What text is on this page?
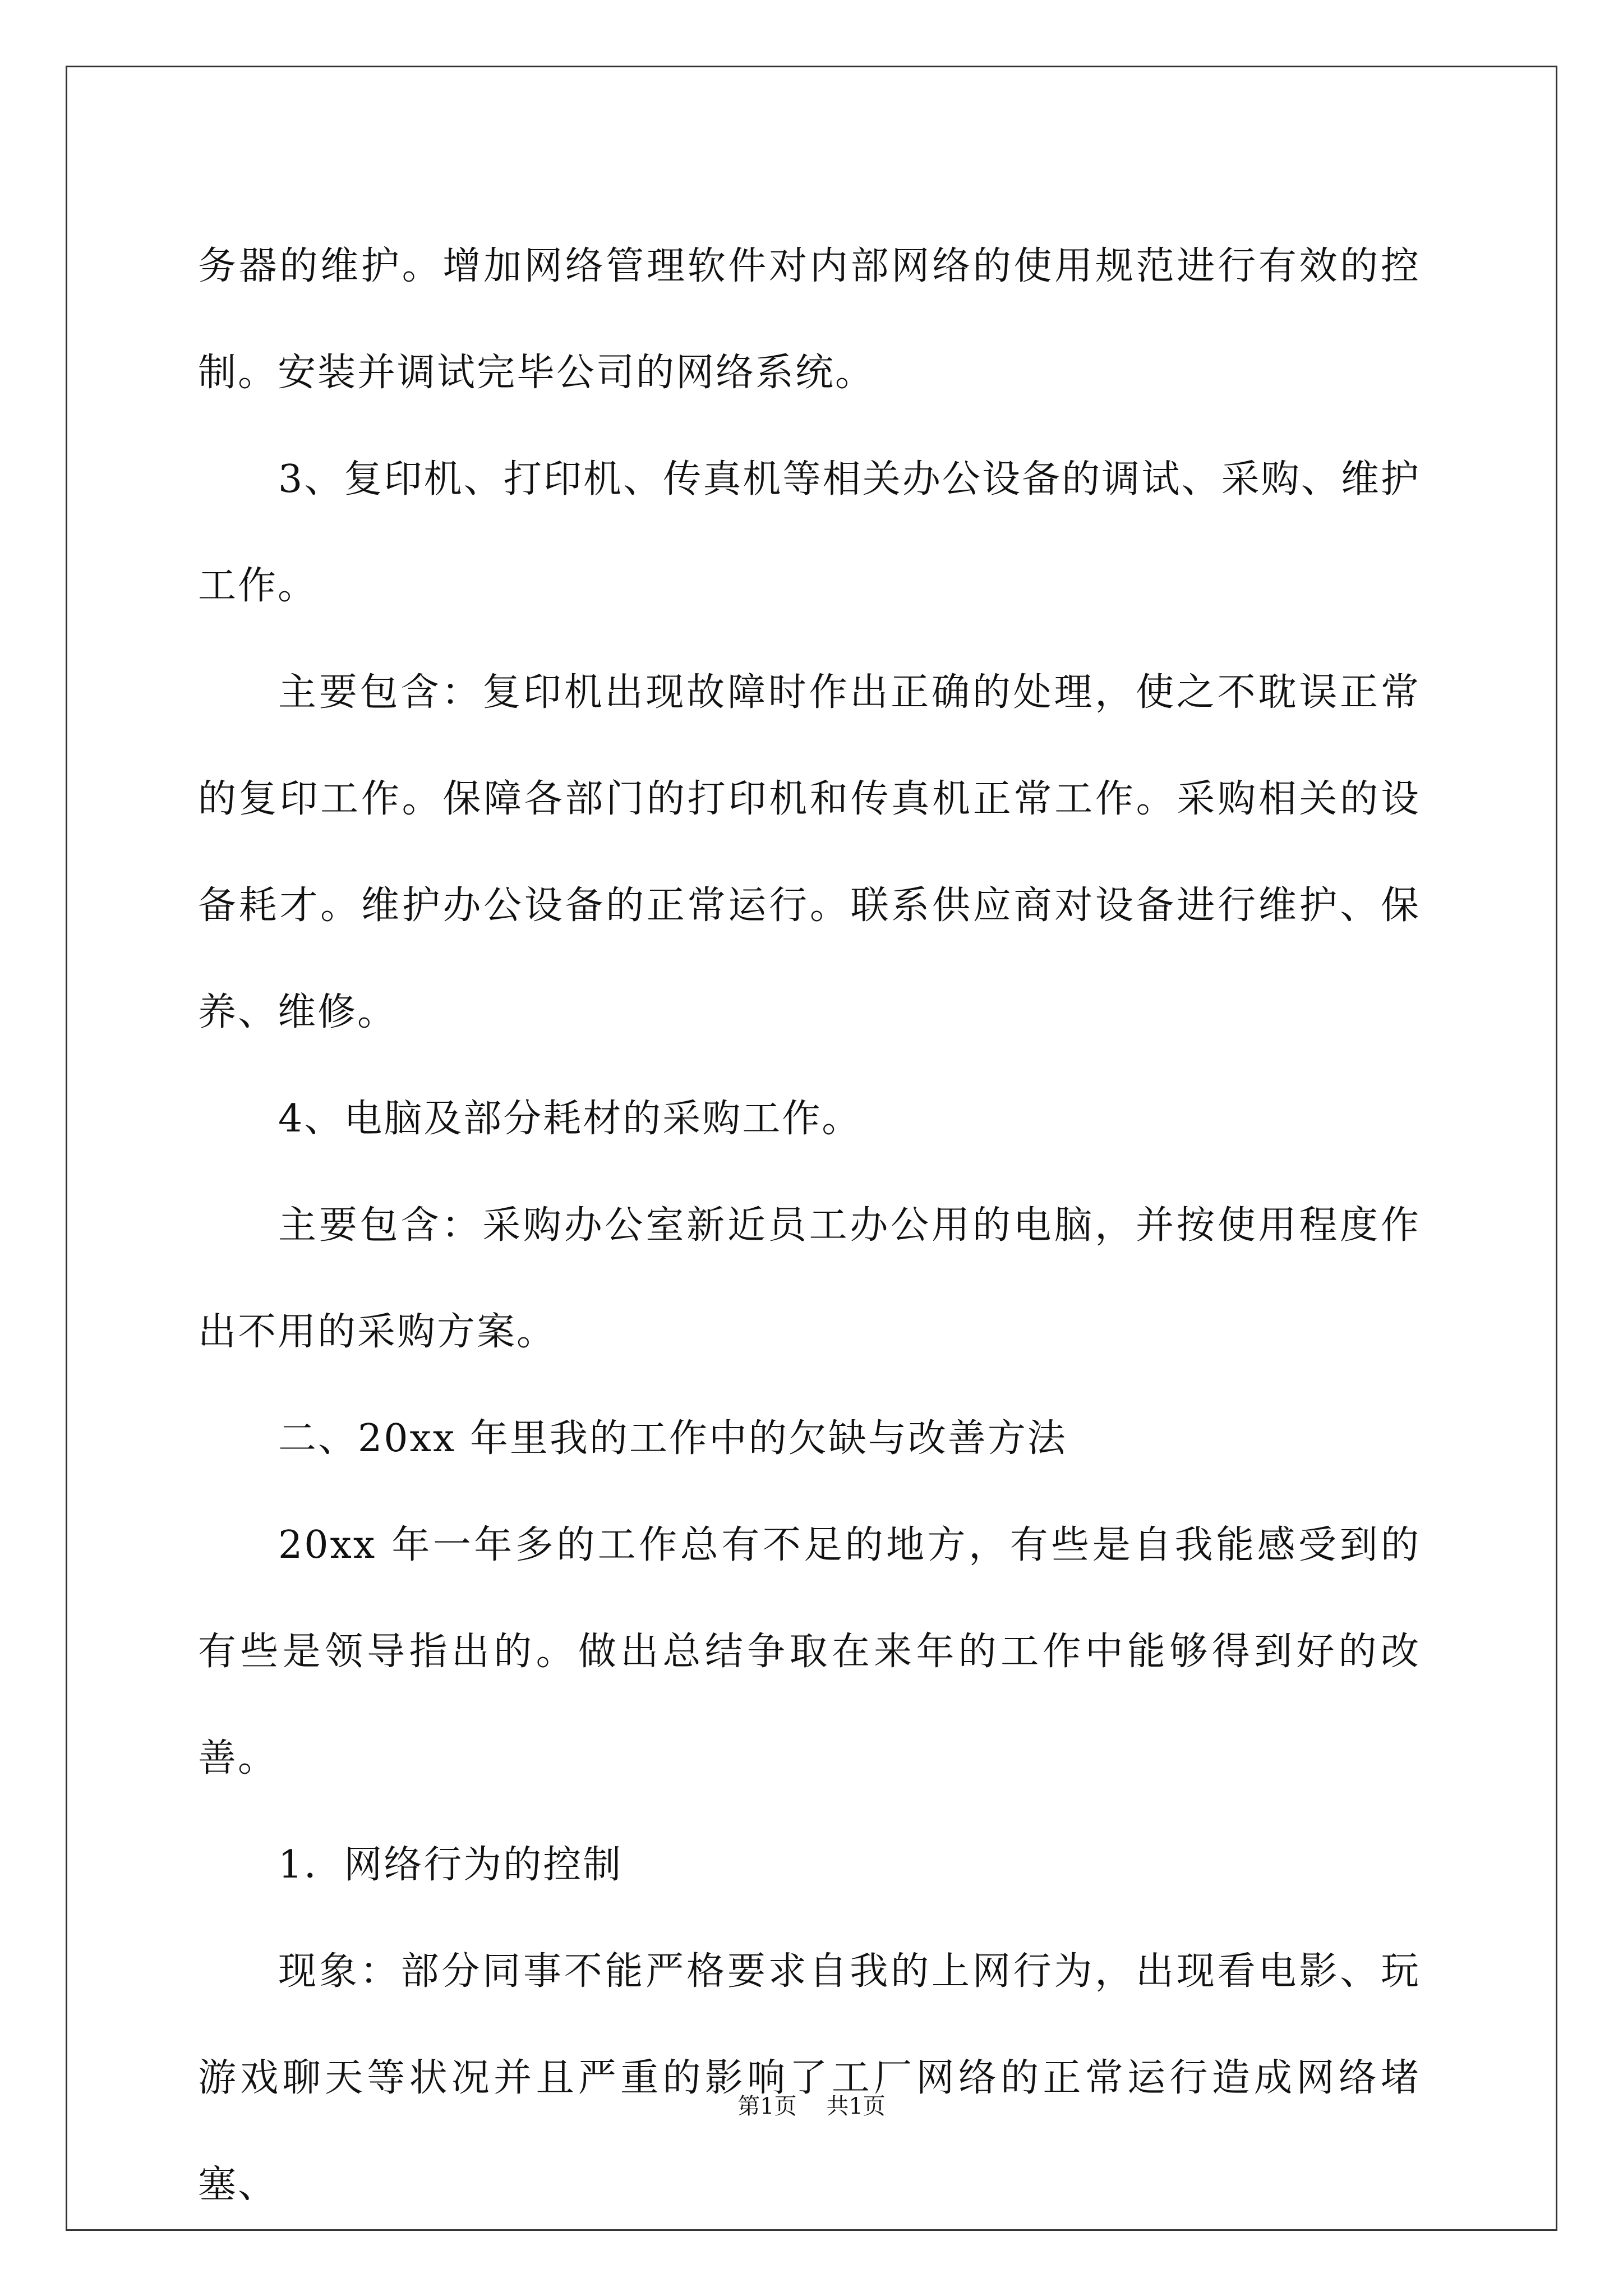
务器的维护。增加网络管理软件对内部网络的使用规范进行有效的控制。安装并调试完毕公司的网络系统。

3、复印机、打印机、传真机等相关办公设备的调试、采购、维护工作。

主要包含：复印机出现故障时作出正确的处理，使之不耽误正常的复印工作。保障各部门的打印机和传真机正常工作。采购相关的设备耗才。维护办公设备的正常运行。联系供应商对设备进行维护、保养、维修。

4、电脑及部分耗材的采购工作。

主要包含：采购办公室新近员工办公用的电脑，并按使用程度作出不用的采购方案。

二、20xx 年里我的工作中的欠缺与改善方法

20xx 年一年多的工作总有不足的地方，有些是自我能感受到的有些是领导指出的。做出总结争取在来年的工作中能够得到好的改善。

1．网络行为的控制

现象：部分同事不能严格要求自我的上网行为，出现看电影、玩游戏聊天等状况并且严重的影响了工厂网络的正常运行造成网络堵塞、

第1页 共1页
